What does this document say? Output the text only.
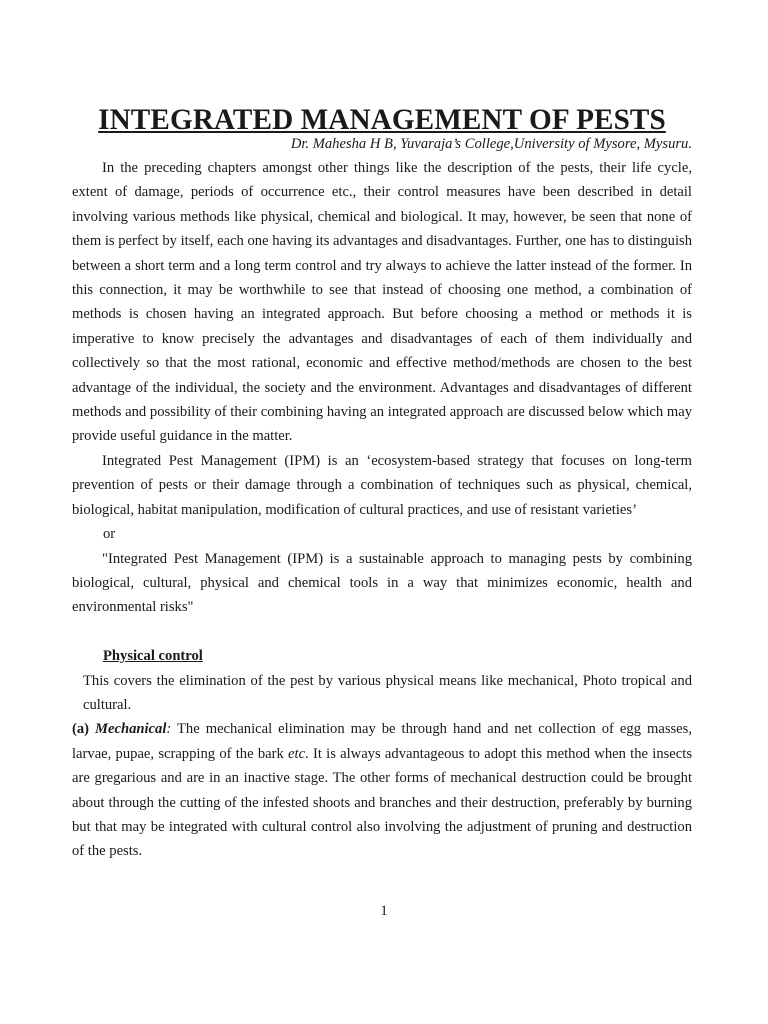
INTEGRATED MANAGEMENT OF PESTS

Dr. Mahesha H B, Yuvaraja’s College,University of Mysore, Mysuru.

In the preceding chapters amongst other things like the description of the pests, their life cycle, extent of damage, periods of occurrence etc., their control measures have been described in detail involving various methods like physical, chemical and biological. It may, however, be seen that none of them is perfect by itself, each one having its advantages and disadvantages. Further, one has to distinguish between a short term and a long term control and try always to achieve the latter instead of the former. In this connection, it may be worthwhile to see that instead of choosing one method, a combination of methods is chosen having an integrated approach. But before choosing a method or methods it is imperative to know precisely the advantages and disadvantages of each of them individually and collectively so that the most rational, economic and effective method/methods are chosen to the best advantage of the individual, the society and the environment. Advantages and disadvantages of different methods and possibility of their combining having an integrated approach are discussed below which may provide useful guidance in the matter.

Integrated Pest Management (IPM) is an ‘ecosystem-based strategy that focuses on long-term prevention of pests or their damage through a combination of techniques such as physical, chemical, biological, habitat manipulation, modification of cultural practices, and use of resistant varieties’

or

"Integrated Pest Management (IPM) is a sustainable approach to managing pests by combining biological, cultural, physical and chemical tools in a way that minimizes economic, health and environmental risks"

Physical control

This covers the elimination of the pest by various physical means like mechanical, Photo tropical and cultural.

(a) Mechanical: The mechanical elimination may be through hand and net collection of egg masses, larvae, pupae, scrapping of the bark etc. It is always advantageous to adopt this method when the insects are gregarious and are in an inactive stage. The other forms of mechanical destruction could be brought about through the cutting of the infested shoots and branches and their destruction, preferably by burning but that may be integrated with cultural control also involving the adjustment of pruning and destruction of the pests.

1
